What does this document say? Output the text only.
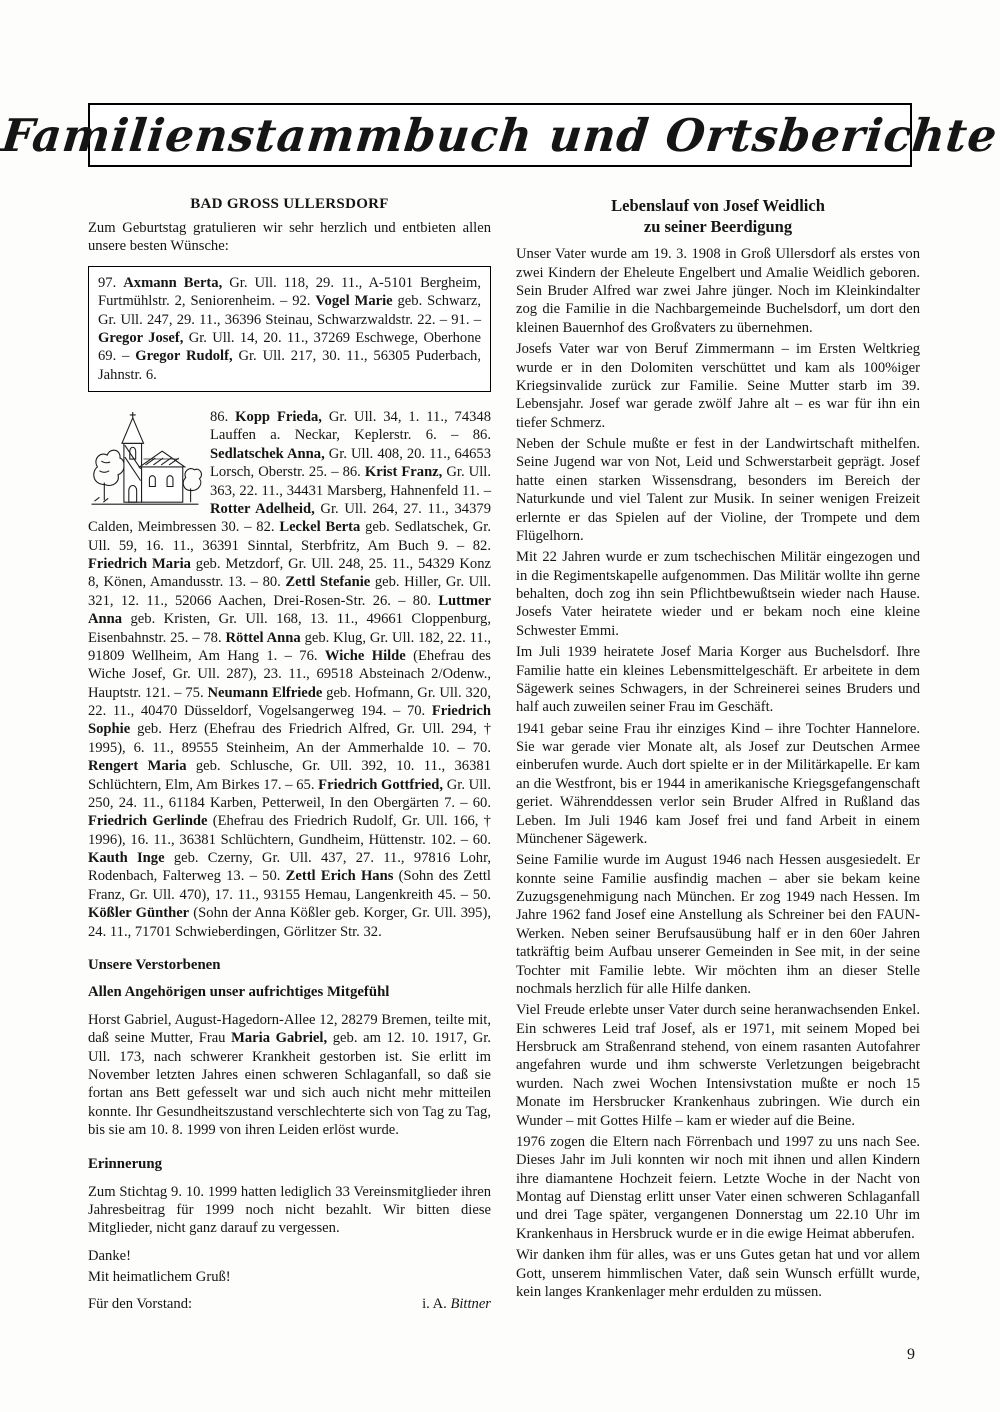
Familienstammbuch und Ortsberichte
BAD GROSS ULLERSDORF

Zum Geburtstag gratulieren wir sehr herzlich und entbieten allen unsere besten Wünsche:

97. Axmann Berta, Gr. Ull. 118, 29. 11., A-5101 Bergheim, Furtmühlstr. 2, Seniorenheim. – 92. Vogel Marie geb. Schwarz, Gr. Ull. 247, 29. 11., 36396 Steinau, Schwarzwaldstr. 22. – 91. – Gregor Josef, Gr. Ull. 14, 20. 11., 37269 Eschwege, Oberhone 69. – Gregor Rudolf, Gr. Ull. 217, 30. 11., 56305 Puderbach, Jahnstr. 6.

86. Kopp Frieda, Gr. Ull. 34, 1. 11., 74348 Lauffen a. Neckar, Keplerstr. 6. – 86. Sedlatschek Anna, Gr. Ull. 408, 20. 11., 64653 Lorsch, Oberstr. 25. – 86. Krist Franz, Gr. Ull. 363, 22. 11., 34431 Marsberg, Hahnenfeld 11. – Rotter Adelheid, Gr. Ull. 264, 27. 11., 34379 Calden, Meimbressen 30. – 82. Leckel Berta geb. Sedlatschek, Gr. Ull. 59, 16. 11., 36391 Sinntal, Sterbfritz, Am Buch 9. – 82. Friedrich Maria geb. Metzdorf, Gr. Ull. 248, 25. 11., 54329 Konz 8, Könen, Amandusstr. 13. – 80. Zettl Stefanie geb. Hiller, Gr. Ull. 321, 12. 11., 52066 Aachen, Drei-Rosen-Str. 26. – 80. Luttmer Anna geb. Kristen, Gr. Ull. 168, 13. 11., 49661 Cloppenburg, Eisenbahnstr. 25. – 78. Röttel Anna geb. Klug, Gr. Ull. 182, 22. 11., 91809 Wellheim, Am Hang 1. – 76. Wiche Hilde (Ehefrau des Wiche Josef, Gr. Ull. 287), 23. 11., 69518 Absteinach 2/Odenw., Hauptstr. 121. – 75. Neumann Elfriede geb. Hofmann, Gr. Ull. 320, 22. 11., 40470 Düsseldorf, Vogelsangerweg 194. – 70. Friedrich Sophie geb. Herz (Ehefrau des Friedrich Alfred, Gr. Ull. 294, † 1995), 6. 11., 89555 Steinheim, An der Ammerhalde 10. – 70. Rengert Maria geb. Schlusche, Gr. Ull. 392, 10. 11., 36381 Schlüchtern, Elm, Am Birkes 17. – 65. Friedrich Gottfried, Gr. Ull. 250, 24. 11., 61184 Karben, Petterweil, In den Obergärten 7. – 60. Friedrich Gerlinde (Ehefrau des Friedrich Rudolf, Gr. Ull. 166, † 1996), 16. 11., 36381 Schlüchtern, Gundheim, Hüttenstr. 102. – 60. Kauth Inge geb. Czerny, Gr. Ull. 437, 27. 11., 97816 Lohr, Rodenbach, Falterweg 13. – 50. Zettl Erich Hans (Sohn des Zettl Franz, Gr. Ull. 470), 17. 11., 93155 Hemau, Langenkreith 45. – 50. Kößler Günther (Sohn der Anna Kößler geb. Korger, Gr. Ull. 395), 24. 11., 71701 Schwieberdingen, Görlitzer Str. 32.
Unsere Verstorbenen
Allen Angehörigen unser aufrichtiges Mitgefühl

Horst Gabriel, August-Hagedorn-Allee 12, 28279 Bremen, teilte mit, daß seine Mutter, Frau Maria Gabriel, geb. am 12. 10. 1917, Gr. Ull. 173, nach schwerer Krankheit gestorben ist. Sie erlitt im November letzten Jahres einen schweren Schlaganfall, so daß sie fortan ans Bett gefesselt war und sich auch nicht mehr mitteilen konnte. Ihr Gesundheitszustand verschlechterte sich von Tag zu Tag, bis sie am 10. 8. 1999 von ihren Leiden erlöst wurde.

Erinnerung

Zum Stichtag 9. 10. 1999 hatten lediglich 33 Vereinsmitglieder ihren Jahresbeitrag für 1999 noch nicht bezahlt. Wir bitten diese Mitglieder, nicht ganz darauf zu vergessen.

Danke!

Mit heimatlichem Gruß!

Für den Vorstand:	i. A. Bittner
Lebenslauf von Josef Weidlich
zu seiner Beerdigung

Unser Vater wurde am 19. 3. 1908 in Groß Ullersdorf als erstes von zwei Kindern der Eheleute Engelbert und Amalie Weidlich geboren. Sein Bruder Alfred war zwei Jahre jünger. Noch im Kleinkindalter zog die Familie in die Nachbargemeinde Buchelsdorf, um dort den kleinen Bauernhof des Großvaters zu übernehmen.

Josefs Vater war von Beruf Zimmermann – im Ersten Weltkrieg wurde er in den Dolomiten verschüttet und kam als 100%iger Kriegsinvalide zurück zur Familie. Seine Mutter starb im 39. Lebensjahr. Josef war gerade zwölf Jahre alt – es war für ihn ein tiefer Schmerz.

Neben der Schule mußte er fest in der Landwirtschaft mithelfen. Seine Jugend war von Not, Leid und Schwerstarbeit geprägt. Josef hatte einen starken Wissensdrang, besonders im Bereich der Naturkunde und viel Talent zur Musik. In seiner wenigen Freizeit erlernte er das Spielen auf der Violine, der Trompete und dem Flügelhorn.

Mit 22 Jahren wurde er zum tschechischen Militär eingezogen und in die Regimentskapelle aufgenommen. Das Militär wollte ihn gerne behalten, doch zog ihn sein Pflichtbewußtsein wieder nach Hause. Josefs Vater heiratete wieder und er bekam noch eine kleine Schwester Emmi.

Im Juli 1939 heiratete Josef Maria Korger aus Buchelsdorf. Ihre Familie hatte ein kleines Lebensmittelgeschäft. Er arbeitete in dem Sägewerk seines Schwagers, in der Schreinerei seines Bruders und half auch zuweilen seiner Frau im Geschäft.

1941 gebar seine Frau ihr einziges Kind – ihre Tochter Hannelore. Sie war gerade vier Monate alt, als Josef zur Deutschen Armee einberufen wurde. Auch dort spielte er in der Militärkapelle. Er kam an die Westfront, bis er 1944 in amerikanische Kriegsgefangenschaft geriet. Währenddessen verlor sein Bruder Alfred in Rußland das Leben. Im Juli 1946 kam Josef frei und fand Arbeit in einem Münchener Sägewerk.

Seine Familie wurde im August 1946 nach Hessen ausgesiedelt. Er konnte seine Familie ausfindig machen – aber sie bekam keine Zuzugsgenehmigung nach München. Er zog 1949 nach Hessen. Im Jahre 1962 fand Josef eine Anstellung als Schreiner bei den FAUN-Werken. Neben seiner Berufsausübung half er in den 60er Jahren tatkräftig beim Aufbau unserer Gemeinden in See mit, in der seine Tochter mit Familie lebte. Wir möchten ihm an dieser Stelle nochmals herzlich für alle Hilfe danken.

Viel Freude erlebte unser Vater durch seine heranwachsenden Enkel. Ein schweres Leid traf Josef, als er 1971, mit seinem Moped bei Hersbruck am Straßenrand stehend, von einem rasanten Autofahrer angefahren wurde und ihm schwerste Verletzungen beigebracht wurden. Nach zwei Wochen Intensivstation mußte er noch 15 Monate im Hersbrucker Krankenhaus zubringen. Wie durch ein Wunder – mit Gottes Hilfe – kam er wieder auf die Beine.

1976 zogen die Eltern nach Förrenbach und 1997 zu uns nach See. Dieses Jahr im Juli konnten wir noch mit ihnen und allen Kindern ihre diamantene Hochzeit feiern. Letzte Woche in der Nacht von Montag auf Dienstag erlitt unser Vater einen schweren Schlaganfall und drei Tage später, vergangenen Donnerstag um 22.10 Uhr im Krankenhaus in Hersbruck wurde er in die ewige Heimat abberufen.

Wir danken ihm für alles, was er uns Gutes getan hat und vor allem Gott, unserem himmlischen Vater, daß sein Wunsch erfüllt wurde, kein langes Krankenlager mehr erdulden zu müssen.

9
